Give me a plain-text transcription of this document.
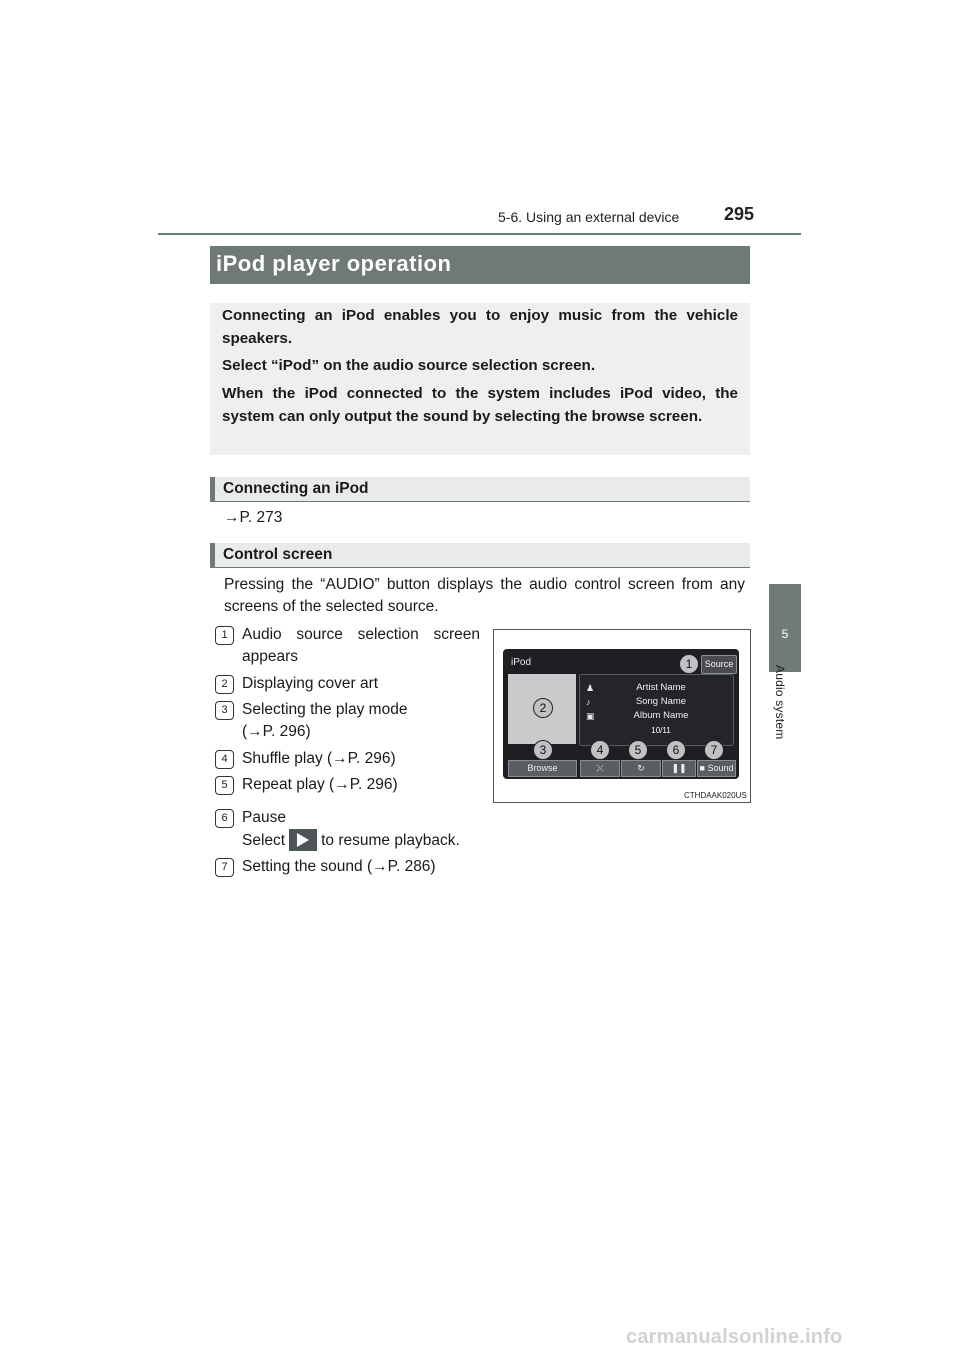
5-6. Using an external device 295
5
Audio system
iPod player operation

Connecting an iPod enables you to enjoy music from the vehicle speakers.

Select “iPod” on the audio source selection screen.

When the iPod connected to the system includes iPod video, the system can only output the sound by selecting the browse screen.

Connecting an iPod

→P. 273

Control screen

Pressing the “AUDIO” button displays the audio control screen from any screens of the selected source.

1 Audio source selection screen
appears

2 Displaying cover art

3 Selecting the play mode
(→P. 296)

4 Shuffle play (→P. 296)

5 Repeat play (→P. 296)

6 Pause
Select to resume playback.

7 Setting the sound (→P. 286)

iPod	Source
♟
♪
▣
Artist Name
Song Name
Album Name
10/11
Browse	⤬	↻	❚❚	■ Sound
1
2
3	4	5	6	7
CTHDAAK020US
carmanualsonline.info
